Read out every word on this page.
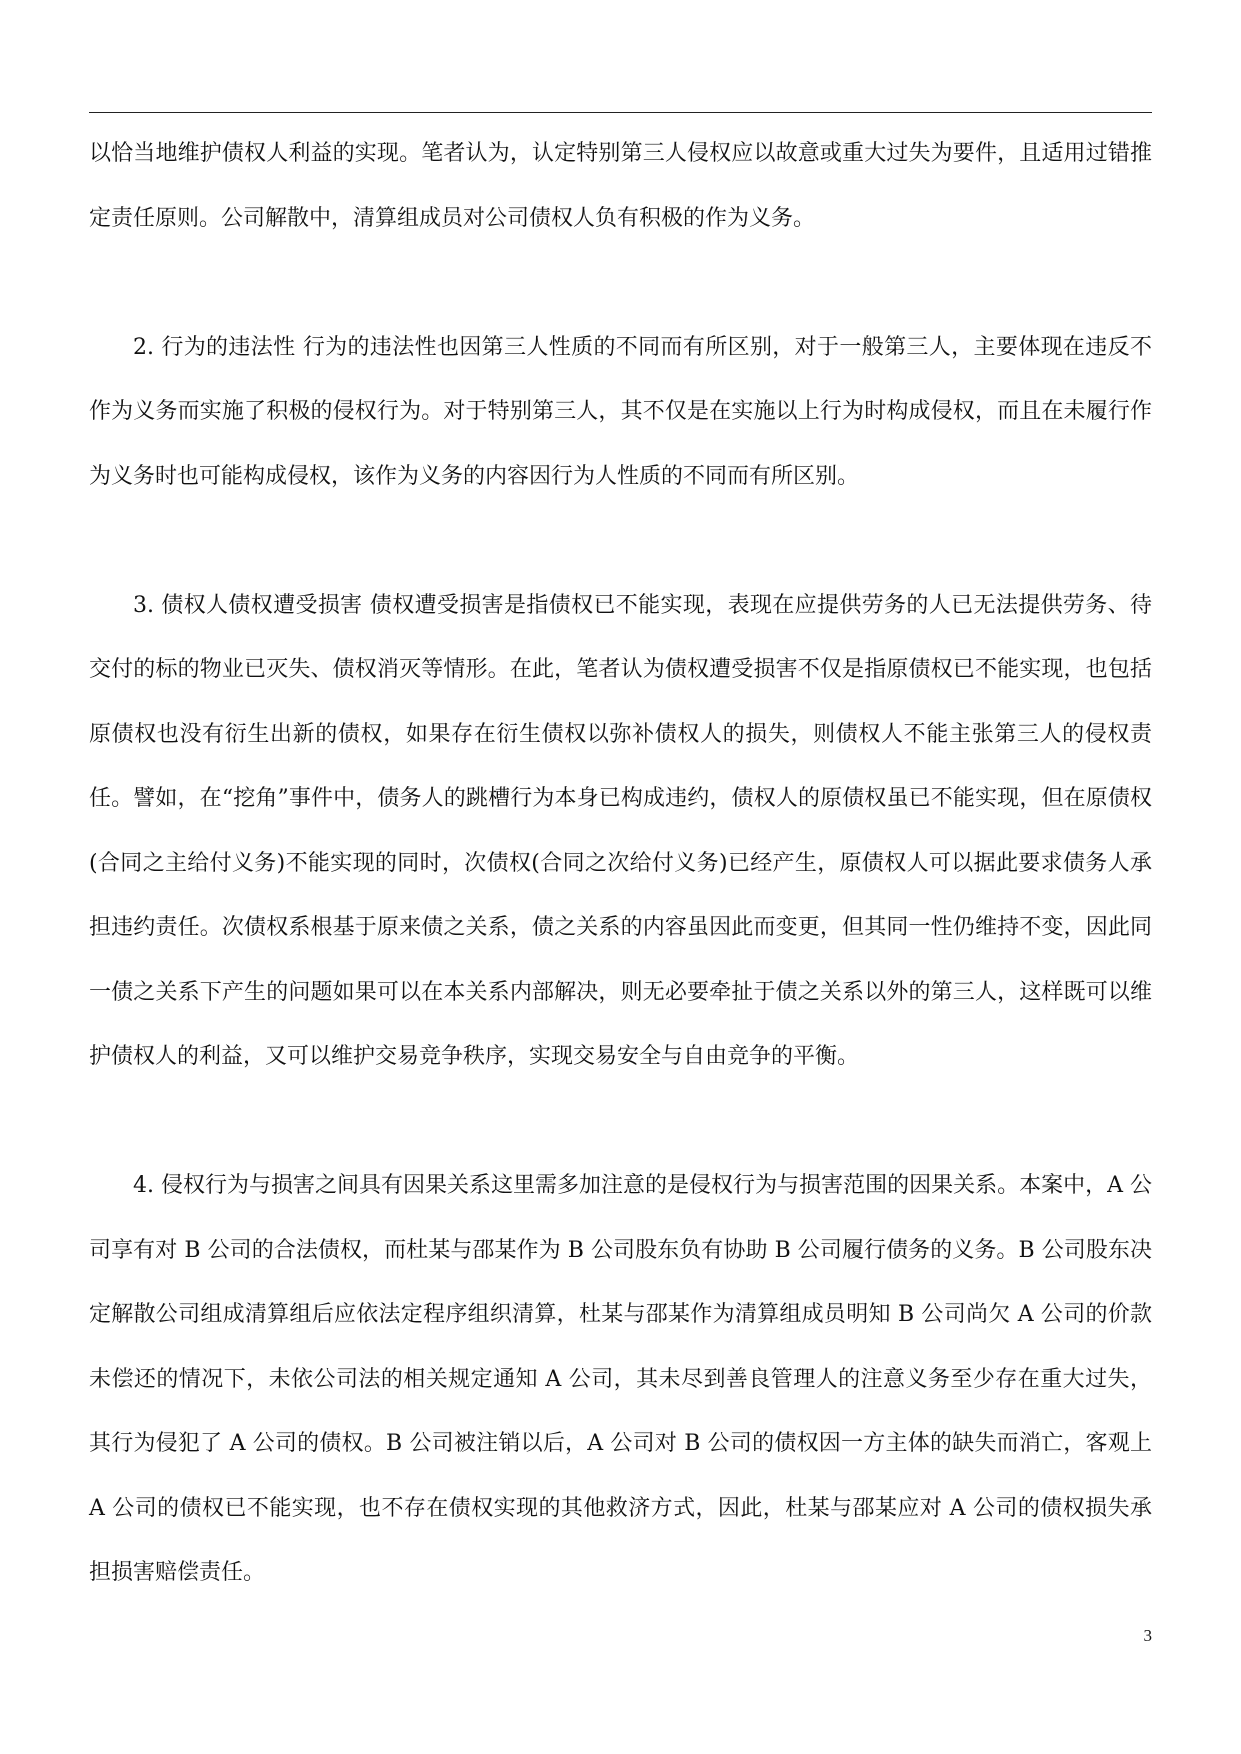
以恰当地维护债权人利益的实现。笔者认为，认定特别第三人侵权应以故意或重大过失为要件，且适用过错推定责任原则。公司解散中，清算组成员对公司债权人负有积极的作为义务。

2. 行为的违法性 行为的违法性也因第三人性质的不同而有所区别，对于一般第三人，主要体现在违反不作为义务而实施了积极的侵权行为。对于特别第三人，其不仅是在实施以上行为时构成侵权，而且在未履行作为义务时也可能构成侵权，该作为义务的内容因行为人性质的不同而有所区别。

3. 债权人债权遭受损害 债权遭受损害是指债权已不能实现，表现在应提供劳务的人已无法提供劳务、待交付的标的物业已灭失、债权消灭等情形。在此，笔者认为债权遭受损害不仅是指原债权已不能实现，也包括原债权也没有衍生出新的债权，如果存在衍生债权以弥补债权人的损失，则债权人不能主张第三人的侵权责任。譬如，在“挖角”事件中，债务人的跳槽行为本身已构成违约，债权人的原债权虽已不能实现，但在原债权(合同之主给付义务)不能实现的同时，次债权(合同之次给付义务)已经产生，原债权人可以据此要求债务人承担违约责任。次债权系根基于原来债之关系，债之关系的内容虽因此而变更，但其同一性仍维持不变，因此同一债之关系下产生的问题如果可以在本关系内部解决，则无必要牵扯于债之关系以外的第三人，这样既可以维护债权人的利益，又可以维护交易竞争秩序，实现交易安全与自由竞争的平衡。

4. 侵权行为与损害之间具有因果关系这里需多加注意的是侵权行为与损害范围的因果关系。本案中，A 公司享有对 B 公司的合法债权，而杜某与邵某作为 B 公司股东负有协助 B 公司履行债务的义务。B 公司股东决定解散公司组成清算组后应依法定程序组织清算，杜某与邵某作为清算组成员明知 B 公司尚欠 A 公司的价款未偿还的情况下，未依公司法的相关规定通知 A 公司，其未尽到善良管理人的注意义务至少存在重大过失，其行为侵犯了 A 公司的债权。B 公司被注销以后，A 公司对 B 公司的债权因一方主体的缺失而消亡，客观上 A 公司的债权已不能实现，也不存在债权实现的其他救济方式，因此，杜某与邵某应对 A 公司的债权损失承担损害赔偿责任。

3
